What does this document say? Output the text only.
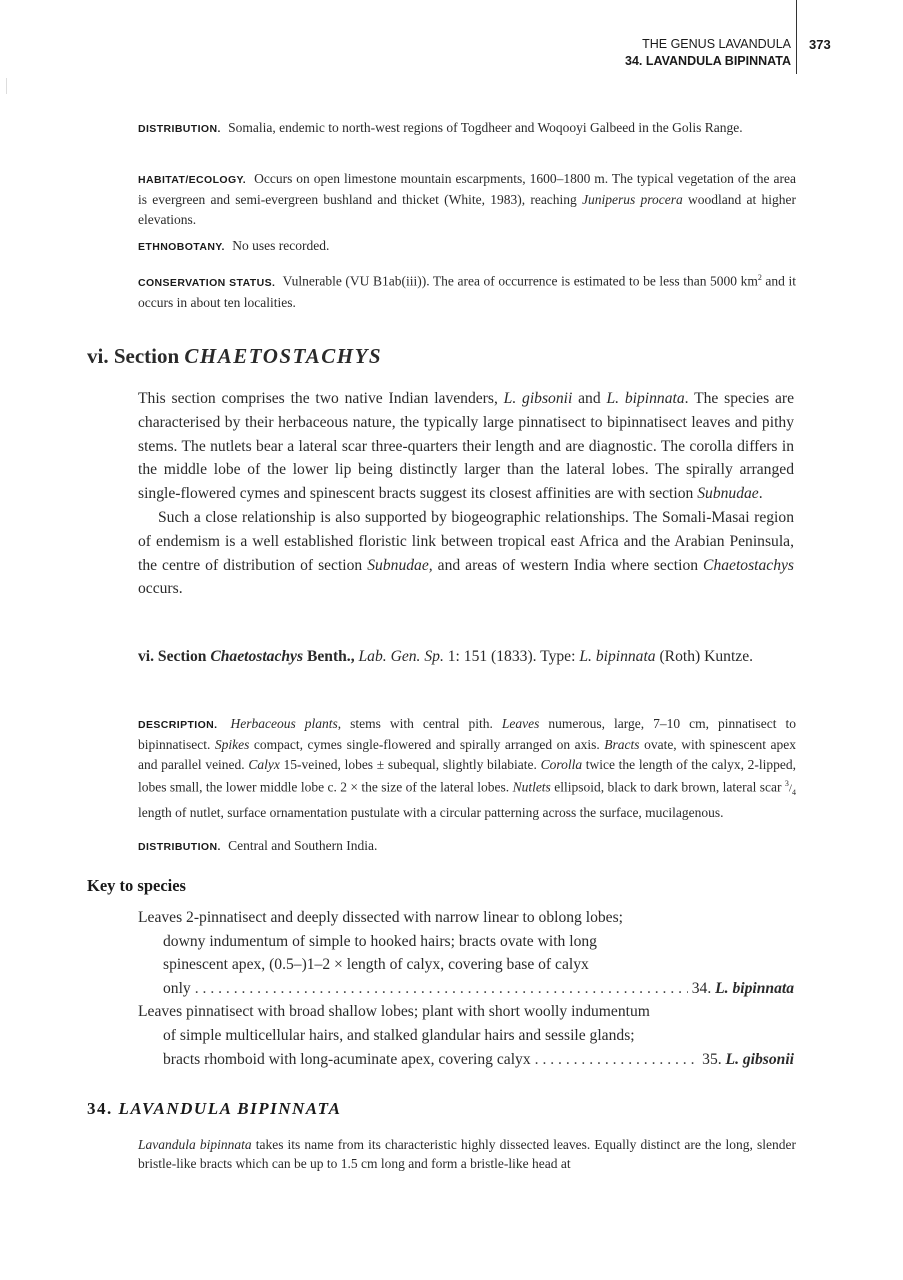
THE GENUS LAVANDULA
34. LAVANDULA BIPINNATA
373
DISTRIBUTION. Somalia, endemic to north-west regions of Togdheer and Woqooyi Galbeed in the Golis Range.
HABITAT/ECOLOGY. Occurs on open limestone mountain escarpments, 1600–1800 m. The typical vegetation of the area is evergreen and semi-evergreen bushland and thicket (White, 1983), reaching Juniperus procera woodland at higher elevations.
ETHNOBOTANY. No uses recorded.
CONSERVATION STATUS. Vulnerable (VU B1ab(iii)). The area of occurrence is estimated to be less than 5000 $km^2$ and it occurs in about ten localities.
vi. Section CHAETOSTACHYS

This section comprises the two native Indian lavenders, L. gibsonii and L. bipinnata. The species are characterised by their herbaceous nature, the typically large pinnatisect to bipinnatisect leaves and pithy stems. The nutlets bear a lateral scar three-quarters their length and are diagnostic. The corolla differs in the middle lobe of the lower lip being distinctly larger than the lateral lobes. The spirally arranged single-flowered cymes and spinescent bracts suggest its closest affinities are with section Subnudae.

Such a close relationship is also supported by biogeographic relationships. The Somali-Masai region of endemism is a well established floristic link between tropical east Africa and the Arabian Peninsula, the centre of distribution of section Subnudae, and areas of western India where section Chaetostachys occurs.

vi. Section Chaetostachys Benth., Lab. Gen. Sp. 1: 151 (1833). Type: L. bipinnata (Roth) Kuntze.
DESCRIPTION. Herbaceous plants, stems with central pith. Leaves numerous, large, 7–10 cm, pinnatisect to bipinnatisect. Spikes compact, cymes single-flowered and spirally arranged on axis. Bracts ovate, with spinescent apex and parallel veined. Calyx 15-veined, lobes ± subequal, slightly bilabiate. Corolla twice the length of the calyx, 2-lipped, lobes small, the lower middle lobe c. 2 × the size of the lateral lobes. Nutlets ellipsoid, black to dark brown, lateral scar $^3/_4$ length of nutlet, surface ornamentation pustulate with a circular patterning across the surface, mucilagenous.
DISTRIBUTION. Central and Southern India.
Key to species
Leaves 2-pinnatisect and deeply dissected with narrow linear to oblong lobes;
downy indumentum of simple to hooked hairs; bracts ovate with long spinescent apex, (0.5–)1–2 × length of calyx, covering base of calyx
only . . .	34. L. bipinnata
Leaves pinnatisect with broad shallow lobes; plant with short woolly indumentum
of simple multicellular hairs, and stalked glandular hairs and sessile glands;
bracts rhomboid with long-acuminate apex, covering calyx . . .	35. L. gibsonii
34. LAVANDULA BIPINNATA
Lavandula bipinnata takes its name from its characteristic highly dissected leaves. Equally distinct are the long, slender bristle-like bracts which can be up to 1.5 cm long and form a bristle-like head at
